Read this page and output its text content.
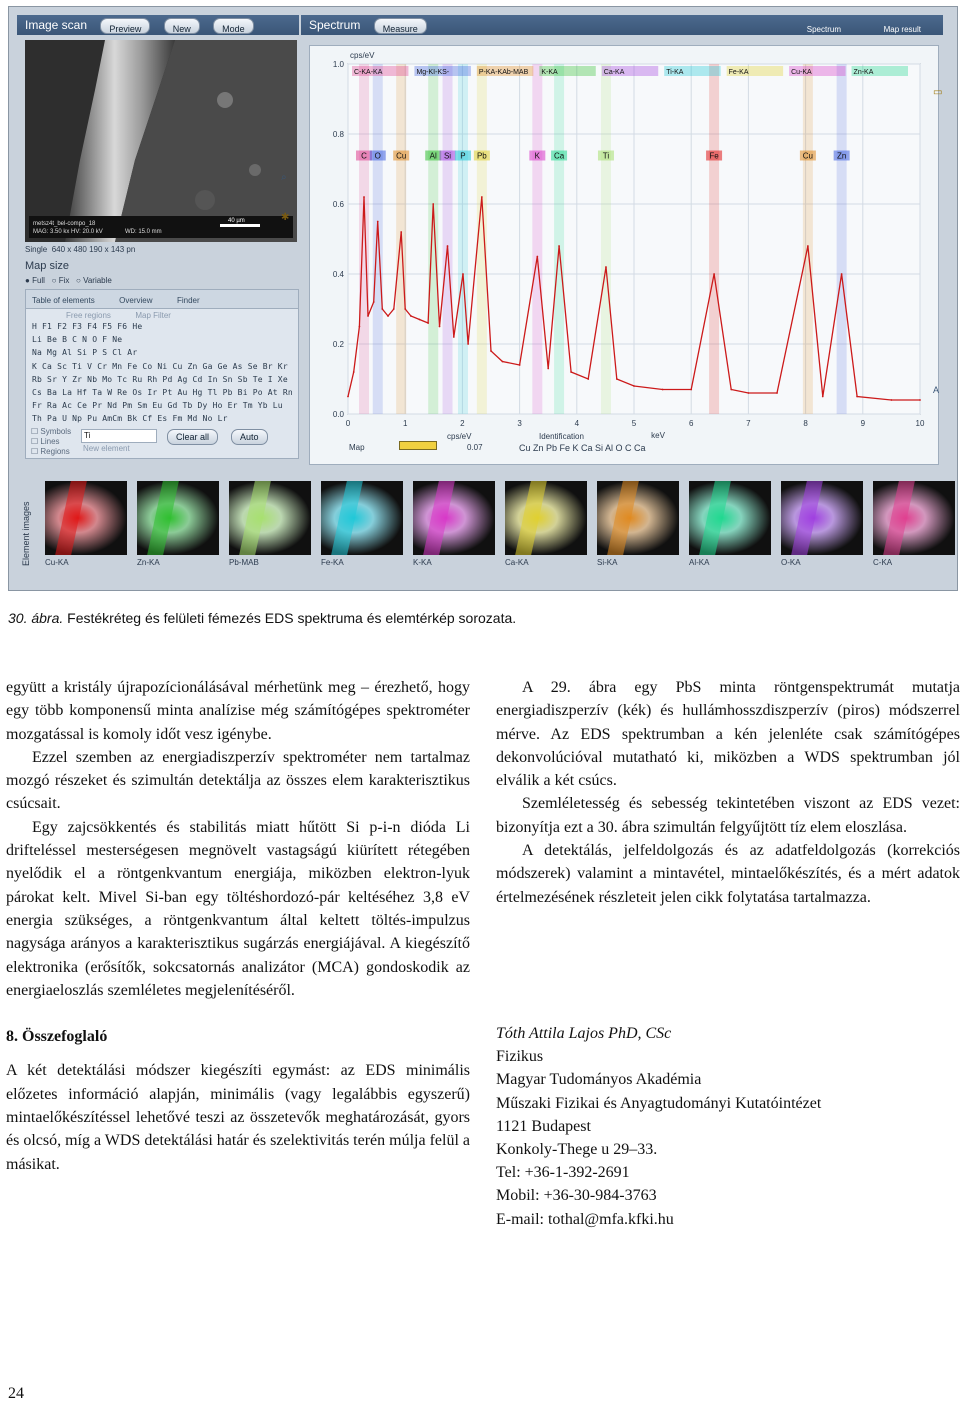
Image scan Preview	New	Mode	Spectrum Measure	Spectrum	Map result
metsz4t_bel-compo_18
MAG: 3.50 kx HV: 20.0 kV	WD: 15.0 mm
40 µm
⌕
✱
Single 640 x 480 190 x 143 pn
Map size
● Full ○ Fix ○ Variable
Table of elements	Overview	Finder
Free regions	Map Filter
H F1 F2 F3 F4 F5 F6 He
Li Be B C N O F Ne
Na Mg Al Si P S Cl Ar
K Ca Sc Ti V Cr Mn Fe Co Ni Cu Zn Ga Ge As Se Br Kr
Rb Sr Y Zr Nb Mo Tc Ru Rh Pd Ag Cd In Sn Sb Te I Xe
Cs Ba La Hf Ta W Re Os Ir Pt Au Hg Tl Pb Bi Po At Rn
Fr Ra Ac Ce Pr Nd Pm Sm Eu Gd Tb Dy Ho Er Tm Yb Lu
Th Pa U Np Pu AmCm Bk Cf Es Fm Md No Lr
☐ Symbols
☐ Lines
☐ Regions
Ti
New element
Clear all	Auto
0.0
0.2
0.4
0.6
0.8
1.0
0	1	2	3	4	5	6	7	8	9	10
cps/eV
keV
C O Cu	Al Si P Pb	K Ca	Ti	Fe	Cu	Zn
C-KA-KA	Mg-KI-KS-	P-KA-KAb-MAB K-KA	Ca-KA	Ti-KA	Fe-KA	Cu-KA	Zn-KA
▭
A
Map
cps/eV
0.07
Identification
Cu Zn Pb Fe K Ca Si Al O C Ca
Element images	Cu-KA	Zn-KA	Pb-MAB	Fe-KA	K-KA	Ca-KA	Si-KA	Al-KA	O-KA	C-KA
30. ábra. Festékréteg és felületi fémezés EDS spektruma és elemtérkép sorozata.

együtt a kristály újrapozícionálásával mérhetünk meg – érezhető, hogy egy több komponensű minta analízise még számítógépes spektrométer mozgatással is komoly időt vesz igénybe.

Ezzel szemben az energiadiszperzív spektrométer nem tartalmaz mozgó részeket és szimultán detektálja az összes elem karakterisztikus csúcsait.

Egy zajcsökkentés és stabilitás miatt hűtött Si p-i-n dióda Li drifteléssel mesterségesen megnövelt vastagságú kiürített rétegében nyelődik el a röntgenkvantum energiája, miközben elektron-lyuk párokat kelt. Mivel Si-ban egy töltéshordozó-pár keltéséhez 3,8 eV energia szükséges, a röntgenkvantum által keltett töltés-impulzus nagysága arányos a karakterisztikus sugárzás energiájával. A kiegészítő elektronika (erősítők, sokcsatornás analizátor (MCA) gondoskodik az energiaeloszlás szemléletes megjelenítéséről.

8. Összefoglaló

A két detektálási módszer kiegészíti egymást: az EDS minimális előzetes információ alapján, minimális (vagy legalábbis egyszerű) mintaelőkészítéssel lehetővé teszi az összetevők meghatározását, gyors és olcsó, míg a WDS detektálási határ és szelektivitás terén múlja felül a másikat.

A 29. ábra egy PbS minta röntgenspektrumát mutatja energiadiszperzív (kék) és hullámhosszdiszperzív (piros) módszerrel mérve. Az EDS spektrumban a kén jelenléte csak számítógépes dekonvolúcióval mutatható ki, miközben a WDS spektrumban jól elválik a két csúcs.

Szemléletesség és sebesség tekintetében viszont az EDS vezet: bizonyítja ezt a 30. ábra szimultán felgyűjtött tíz elem eloszlása.

A detektálás, jelfeldolgozás és az adatfeldolgozás (korrekciós módszerek) valamint a mintavétel, mintaelőkészítés, és a mért adatok értelmezésének részleteit jelen cikk folytatása tartalmazza.

Tóth Attila Lajos PhD, CSc

Fizikus

Magyar Tudományos Akadémia

Műszaki Fizikai és Anyagtudományi Kutatóintézet

1121 Budapest

Konkoly-Thege u 29–33.

Tel: +36-1-392-2691

Mobil: +36-30-984-3763

E-mail: tothal@mfa.kfki.hu

24
